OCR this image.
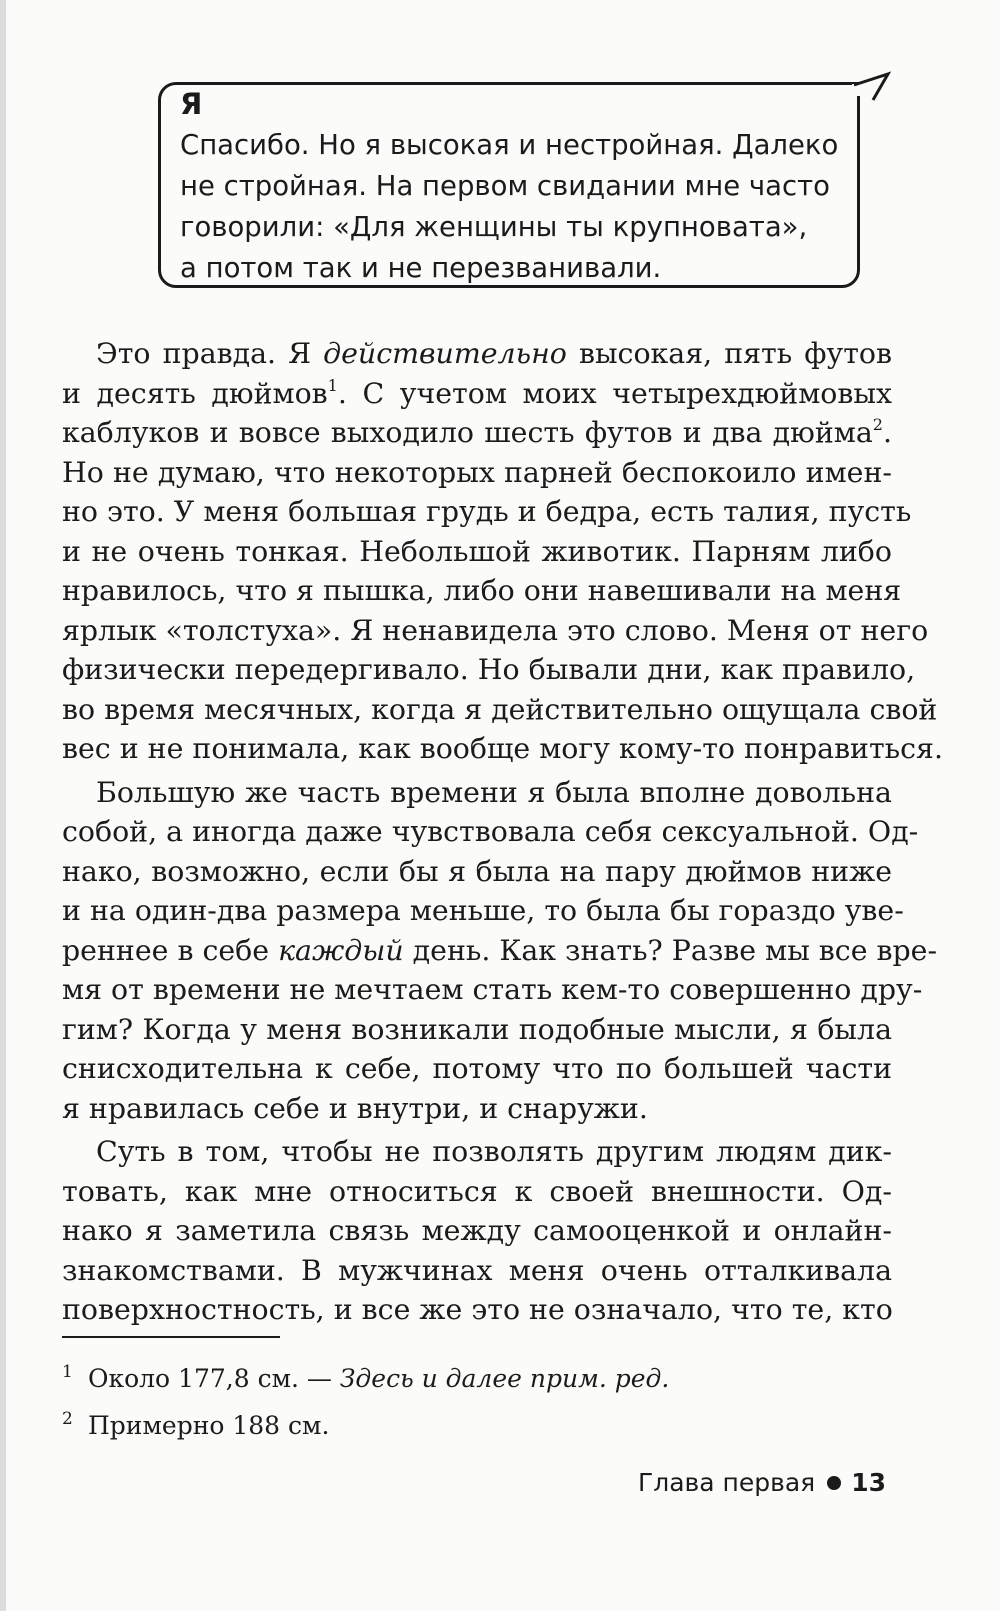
Я
Спасибо. Но я высокая и нестройная. Далеко
не стройная. На первом свидании мне часто
говорили: «Для женщины ты крупновата»,
а потом так и не перезванивали.
Это правда. Я действительно высокая, пять футов
и десять дюймов$^1$. С учетом моих четырехдюймовых
каблуков и вовсе выходило шесть футов и два дюйма$^2$.
Но не думаю, что некоторых парней беспокоило имен-
но это. У меня большая грудь и бедра, есть талия, пусть
и не очень тонкая. Небольшой животик. Парням либо
нравилось, что я пышка, либо они навешивали на меня
ярлык «толстуха». Я ненавидела это слово. Меня от него
физически передергивало. Но бывали дни, как правило,
во время месячных, когда я действительно ощущала свой
вес и не понимала, как вообще могу кому-то понравиться.
Большую же часть времени я была вполне довольна
собой, а иногда даже чувствовала себя сексуальной. Од-
нако, возможно, если бы я была на пару дюймов ниже
и на один-два размера меньше, то была бы гораздо уве-
реннее в себе каждый день. Как знать? Разве мы все вре-
мя от времени не мечтаем стать кем-то совершенно дру-
гим? Когда у меня возникали подобные мысли, я была
снисходительна к себе, потому что по большей части
я нравилась себе и внутри, и снаружи.
Суть в том, чтобы не позволять другим людям дик-
товать, как мне относиться к своей внешности. Од-
нако я заметила связь между самооценкой и онлайн-
знакомствами. В мужчинах меня очень отталкивала
поверхностность, и все же это не означало, что те, кто
1 Около 177,8 см. — Здесь и далее прим. ред.
2 Примерно 188 см.
Глава первая 13
